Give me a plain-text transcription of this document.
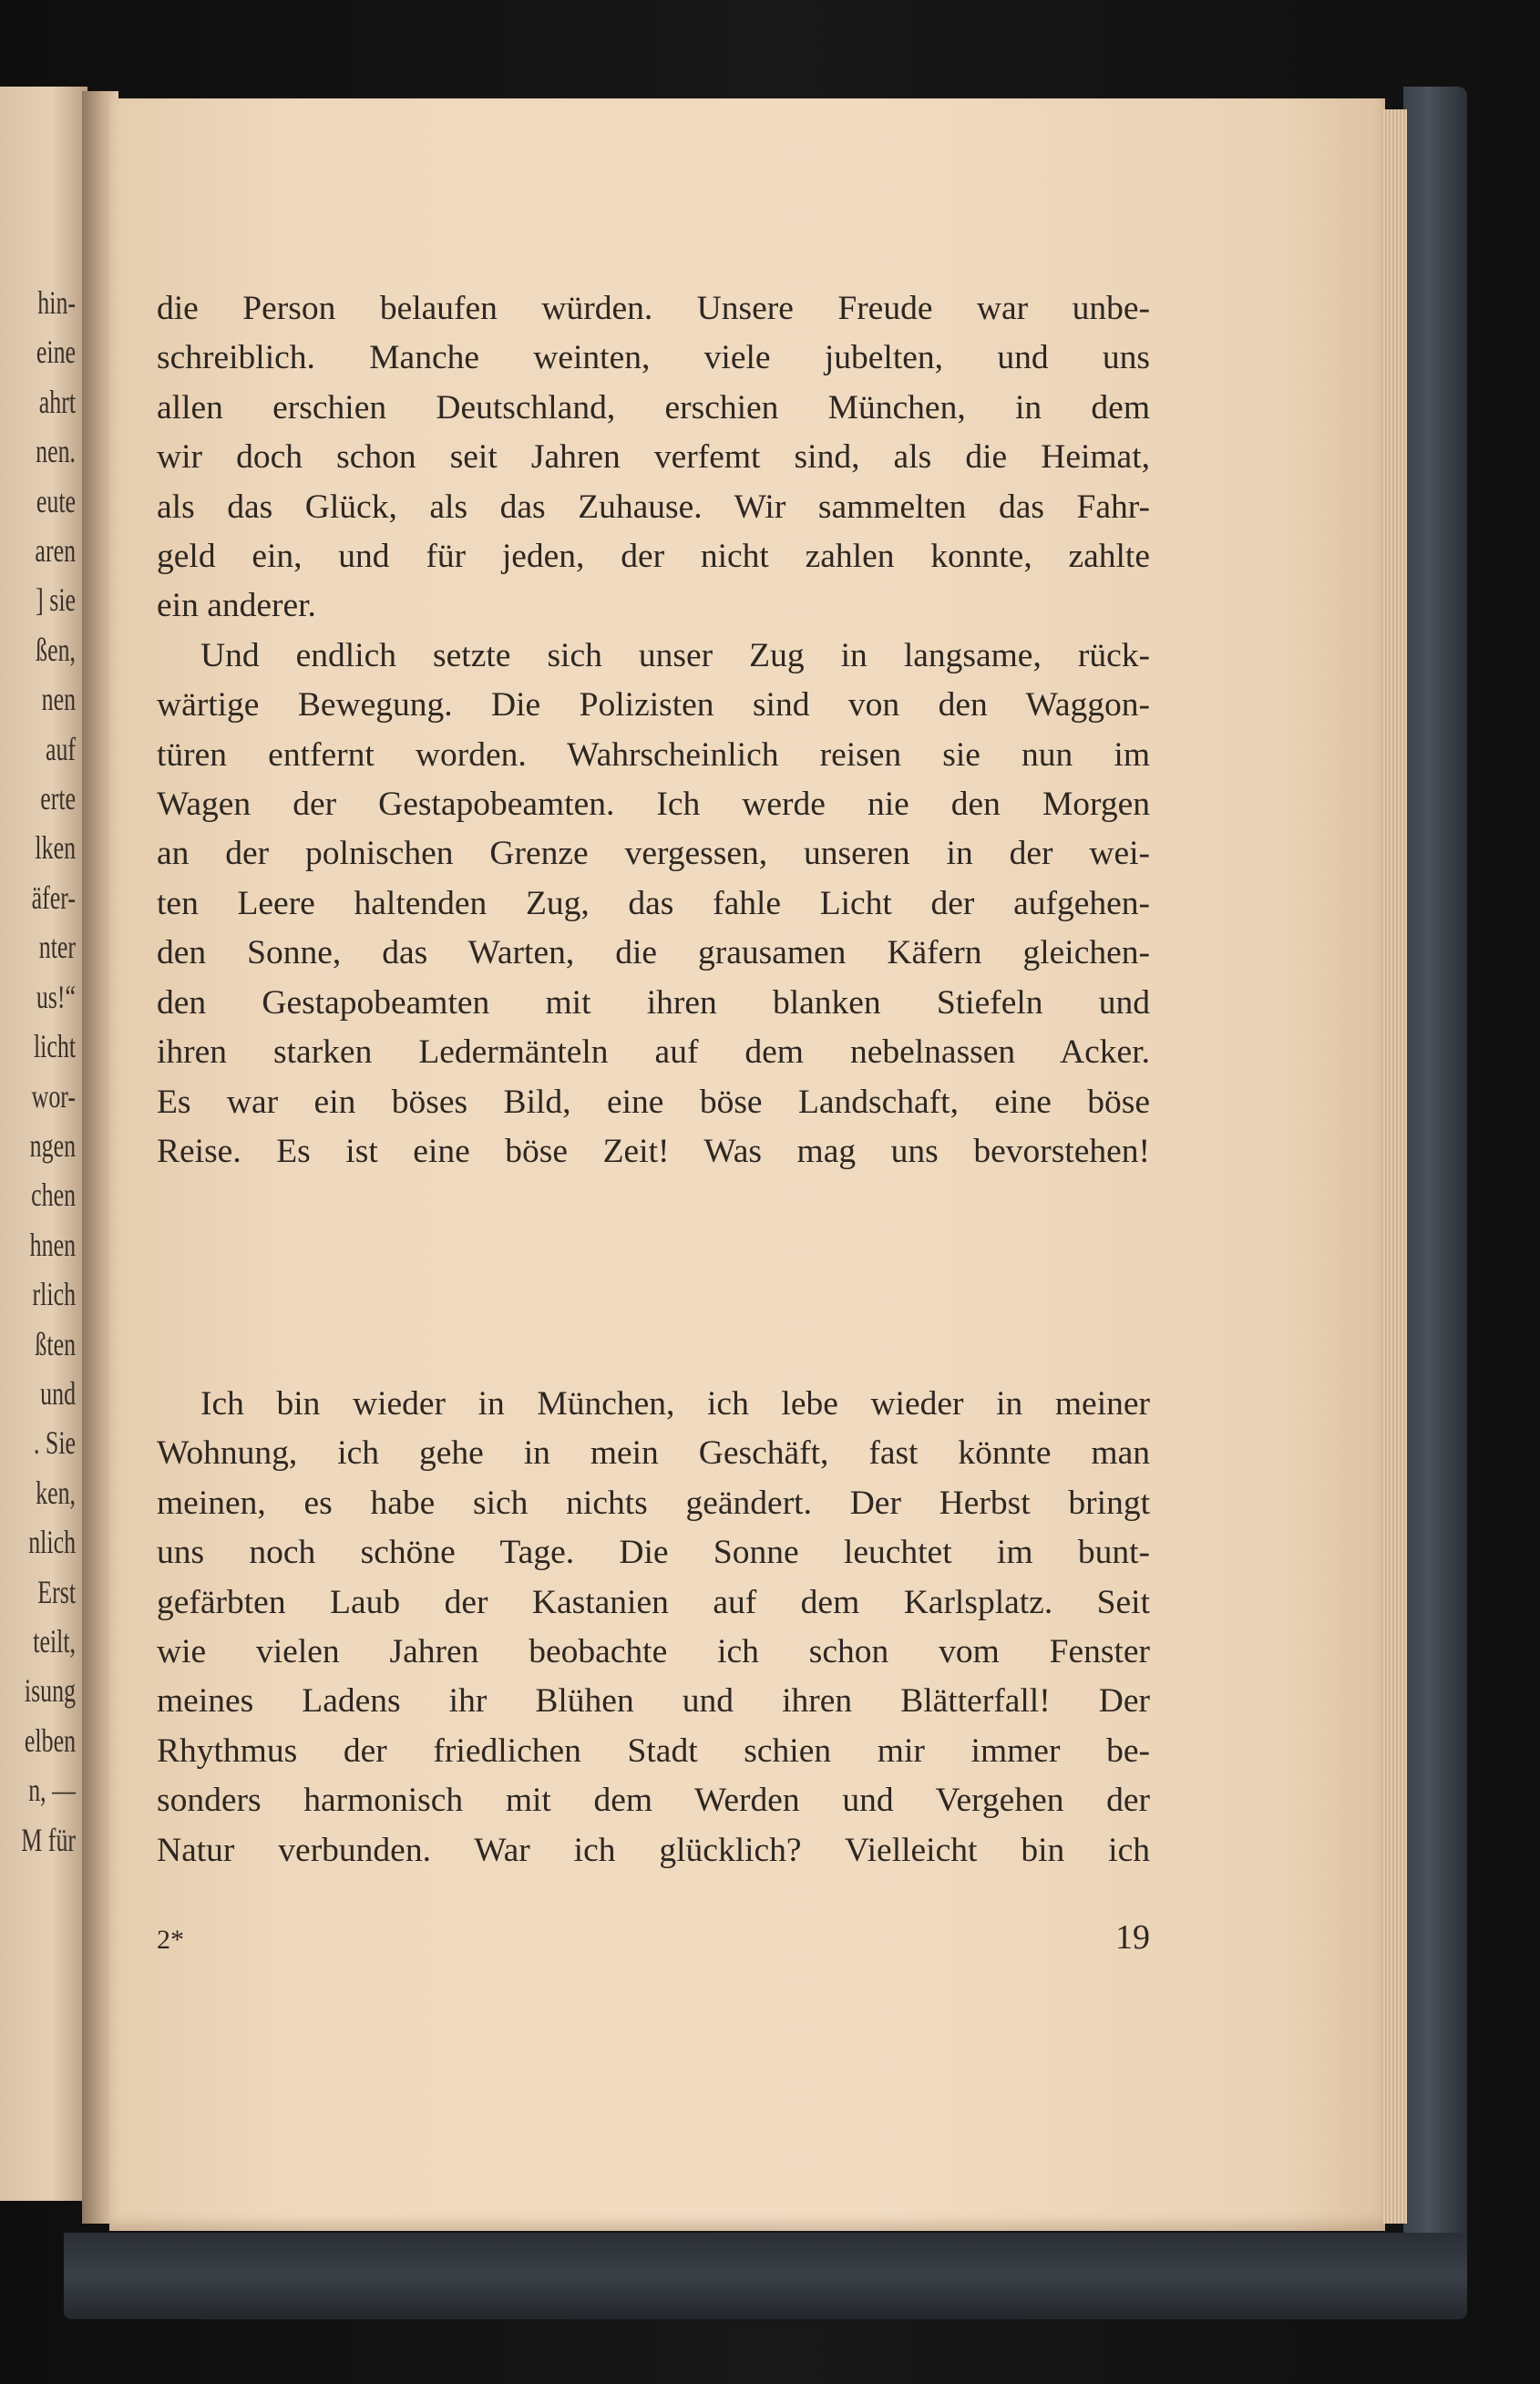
hin-
eine
ahrt
nen.
eute
aren
] sie
ßen,
nen
auf
erte
lken
äfer-
nter
us!“
licht
wor-
ngen
chen
hnen
rlich
ßten
und
. Sie
ken,
nlich
Erst
teilt,
isung
elben
n, —
M für
die Person belaufen würden. Unsere Freude war unbe-
schreiblich. Manche weinten, viele jubelten, und uns
allen erschien Deutschland, erschien München, in dem
wir doch schon seit Jahren verfemt sind, als die Heimat,
als das Glück, als das Zuhause. Wir sammelten das Fahr-
geld ein, und für jeden, der nicht zahlen konnte, zahlte
ein anderer.
Und endlich setzte sich unser Zug in langsame, rück-
wärtige Bewegung. Die Polizisten sind von den Waggon-
türen entfernt worden. Wahrscheinlich reisen sie nun im
Wagen der Gestapobeamten. Ich werde nie den Morgen
an der polnischen Grenze vergessen, unseren in der wei-
ten Leere haltenden Zug, das fahle Licht der aufgehen-
den Sonne, das Warten, die grausamen Käfern gleichen-
den Gestapobeamten mit ihren blanken Stiefeln und
ihren starken Ledermänteln auf dem nebelnassen Acker.
Es war ein böses Bild, eine böse Landschaft, eine böse
Reise. Es ist eine böse Zeit! Was mag uns bevorstehen!
Ich bin wieder in München, ich lebe wieder in meiner
Wohnung, ich gehe in mein Geschäft, fast könnte man
meinen, es habe sich nichts geändert. Der Herbst bringt
uns noch schöne Tage. Die Sonne leuchtet im bunt-
gefärbten Laub der Kastanien auf dem Karlsplatz. Seit
wie vielen Jahren beobachte ich schon vom Fenster
meines Ladens ihr Blühen und ihren Blätterfall! Der
Rhythmus der friedlichen Stadt schien mir immer be-
sonders harmonisch mit dem Werden und Vergehen der
Natur verbunden. War ich glücklich? Vielleicht bin ich
2*	19
